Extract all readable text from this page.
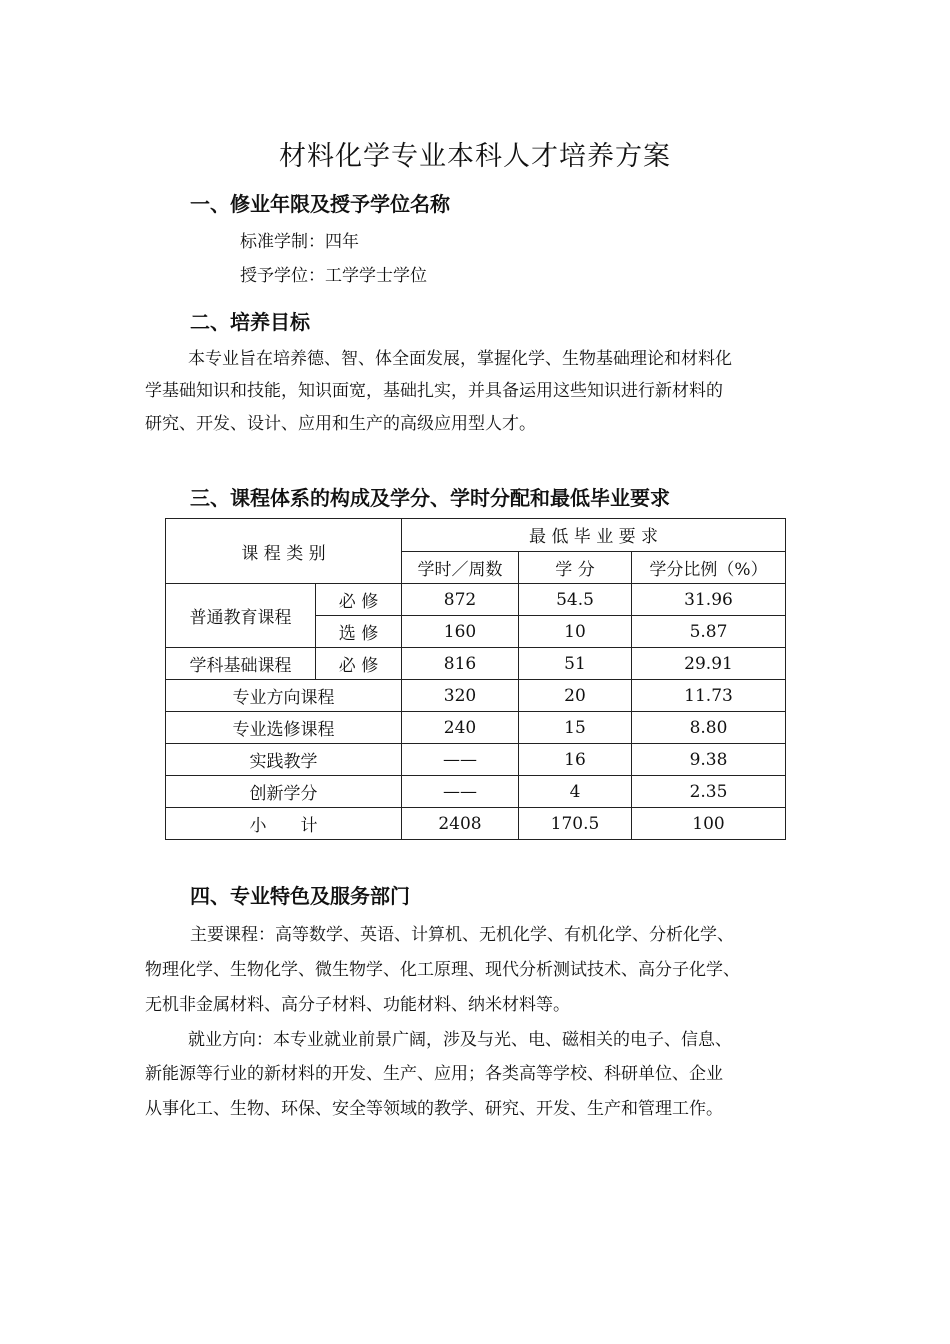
材料化学专业本科人才培养方案
一、修业年限及授予学位名称
标准学制：四年
授予学位：工学学士学位
二、培养目标
本专业旨在培养德、智、体全面发展，掌握化学、生物基础理论和材料化
学基础知识和技能，知识面宽，基础扎实，并具备运用这些知识进行新材料的
研究、开发、设计、应用和生产的高级应用型人才。
三、课程体系的构成及学分、学时分配和最低毕业要求
课 程 类 别		最 低 毕 业 要 求		
		学时／周数	学 分	学分比例（%）
普通教育课程	必 修	872	54.5	31.96
	选 修	160	10	5.87
学科基础课程	必 修	816	51	29.91
专业方向课程		320	20	11.73
专业选修课程		240	15	8.80
实践教学		——	16	9.38
创新学分		——	4	2.35
小　　计		2408	170.5	100
四、专业特色及服务部门
主要课程：高等数学、英语、计算机、无机化学、有机化学、分析化学、
物理化学、生物化学、微生物学、化工原理、现代分析测试技术、高分子化学、
无机非金属材料、高分子材料、功能材料、纳米材料等。
就业方向：本专业就业前景广阔，涉及与光、电、磁相关的电子、信息、
新能源等行业的新材料的开发、生产、应用；各类高等学校、科研单位、企业
从事化工、生物、环保、安全等领域的教学、研究、开发、生产和管理工作。
